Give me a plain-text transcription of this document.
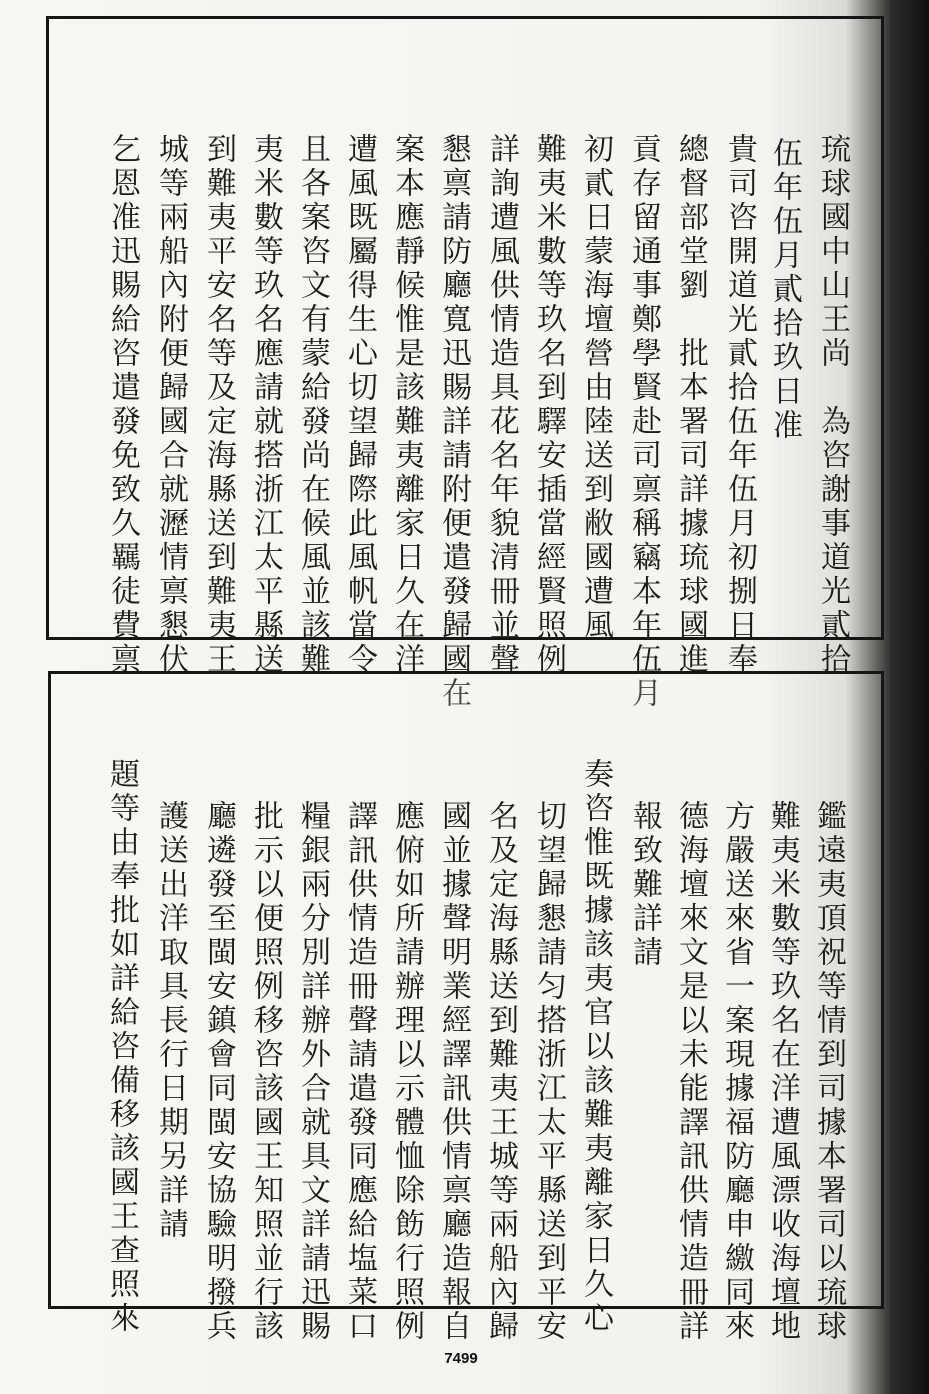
琉球國中山王尚　為咨謝事道光貳拾
伍年伍月貳拾玖日准
貴司咨開道光貳拾伍年伍月初捌日奉
總督部堂劉　批本署司詳據琉球國進
貢存留通事鄭學賢赴司禀稱竊本年伍月
初貳日蒙海壇營由陸送到敝國遭風
難夷米數等玖名到驛安插當經賢照例
詳詢遭風供情造具花名年貌清冊並聲
懇禀請防廳寬迅賜詳請附便遣發歸國在
案本應靜候惟是該難夷離家日久在洋
遭風既屬得生心切望歸際此風帆當令
且各案咨文有蒙給發尚在候風並該難
夷米數等玖名應請就搭浙江太平縣送
到難夷平安名等及定海縣送到難夷王
城等兩船內附便歸國合就瀝情禀懇伏
乞恩准迅賜給咨遣發免致久羈徒費禀
鑑遠夷頂祝等情到司據本署司以琉球
難夷米數等玖名在洋遭風漂收海壇地
方嚴送來省一案現據福防廳申繳同來
德海壇來文是以未能譯訊供情造冊詳
報致難詳請
奏咨惟既據該夷官以該難夷離家日久心
切望歸懇請匀搭浙江太平縣送到平安
名及定海縣送到難夷王城等兩船內歸
國並據聲明業經譯訊供情禀廳造報自
應俯如所請辦理以示體恤除飭行照例
譯訊供情造冊聲請遣發同應給塩菜口
糧銀兩分別詳辦外合就具文詳請迅賜
批示以便照例移咨該國王知照並行該
廳遴發至閩安鎮會同閩安協驗明撥兵
護送出洋取具長行日期另詳請
題等由奉批如詳給咨備移該國王查照來
7499
